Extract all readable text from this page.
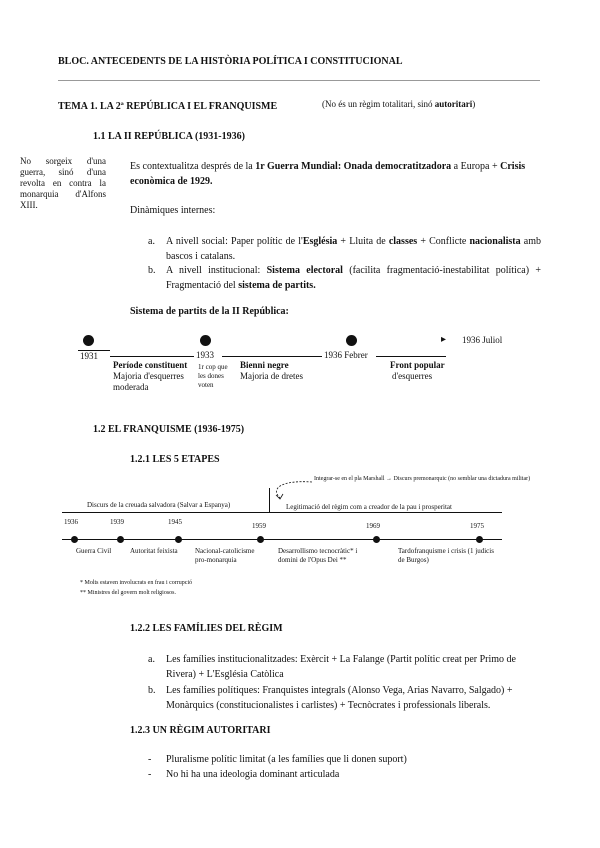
BLOC. ANTECEDENTS DE LA HISTÒRIA POLÍTICA I CONSTITUCIONAL
TEMA 1. LA 2ª REPÚBLICA I EL FRANQUISME	(No és un règim totalitari, sinó autoritari)
1.1 LA II REPÚBLICA (1931-1936)
No sorgeix d'una guerra, sinó d'una revolta en contra la monarquia d'Alfons XIII.
Es contextualitza després de la 1r Guerra Mundial: Onada democratitzadora a Europa + Crisis econòmica de 1929.
Dinàmiques internes:
a. A nivell social: Paper polític de l'Església + Lluita de classes + Conflicte nacionalista amb bascos i catalans.
b. A nivell institucional: Sistema electoral (facilita fragmentació-inestabilitat política) + Fragmentació del sistema de partits.
Sistema de partits de la II República:
▸ 1936 Juliol
1931	1933	1936 Febrer
Període constituent
Majoria d'esquerres moderada
1r cop que les dones voten
Bienni negre
Majoria de dretes
Front popular
d'esquerres
1.2 EL FRANQUISME (1936-1975)
1.2.1 LES 5 ETAPES
Integrar-se en el pla Marshall → Discurs premonarquic (no semblar una dictadura militar)
Discurs de la creuada salvadora (Salvar a Espanya)	Legitimació del règim com a creador de la pau i prosperitat
1936	1939	1945	1959	1969	1975
Guerra Civil	Autoritat feixista Nacional-catolicisme pro-monarquia
Desarrollismo tecnocràtic* i domini de l'Opus Dei **
Tardofranquisme i crisis (1 judicis de Burgos)
* Molts estaven involucrats en frau i corrupció
** Ministres del govern molt religiosos.
1.2.2 LES FAMÍLIES DEL RÈGIM
a. Les famílies institucionalitzades: Exèrcit + La Falange (Partit polític creat per Primo de Rivera) + L'Església Catòlica
b. Les famílies polítiques: Franquistes integrals (Alonso Vega, Arias Navarro, Salgado) + Monàrquics (constitucionalistes i carlistes) + Tecnòcrates i professionals liberals.
1.2.3 UN RÈGIM AUTORITARI
- Pluralisme polític limitat (a les famílies que li donen suport)
- No hi ha una ideologia dominant articulada
